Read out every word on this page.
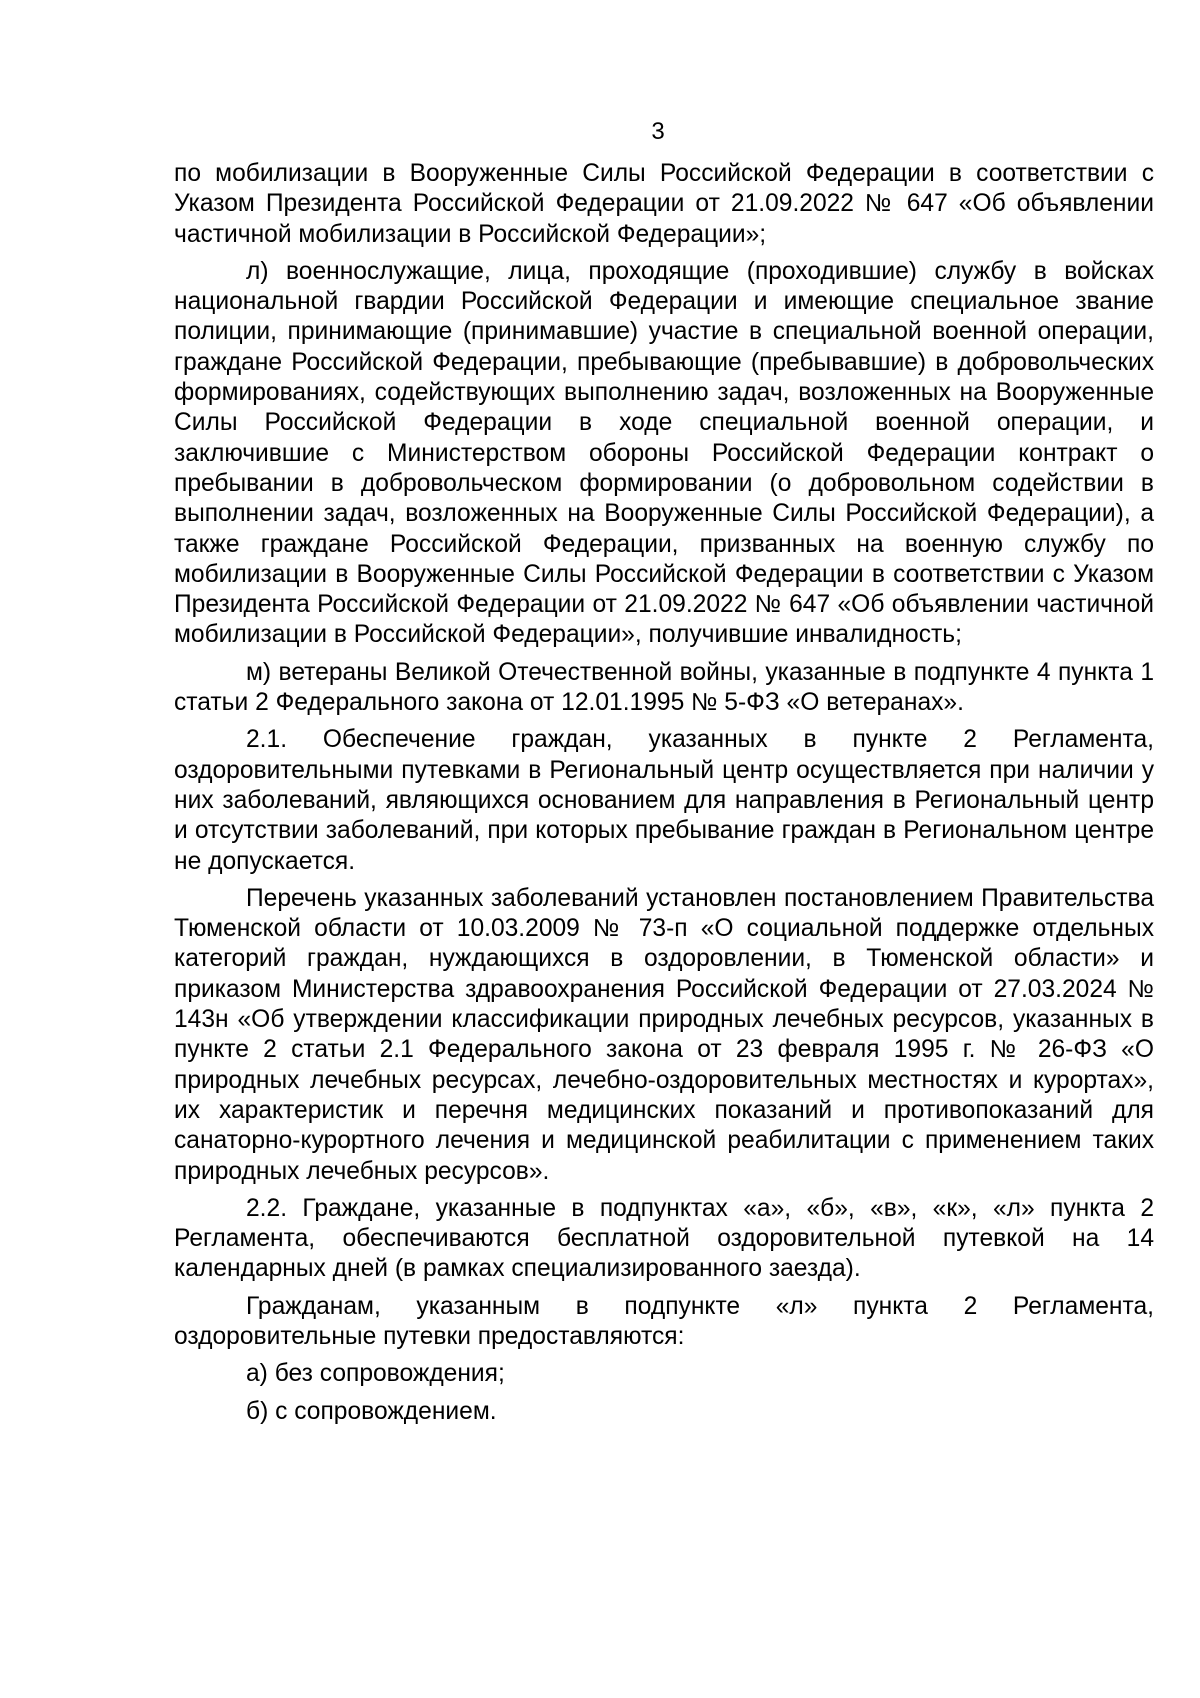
3

по мобилизации в Вооруженные Силы Российской Федерации в соответствии с Указом Президента Российской Федерации от 21.09.2022 № 647 «Об объявлении частичной мобилизации в Российской Федерации»;

л) военнослужащие, лица, проходящие (проходившие) службу в войсках национальной гвардии Российской Федерации и имеющие специальное звание полиции, принимающие (принимавшие) участие в специальной военной операции, граждане Российской Федерации, пребывающие (пребывавшие) в добровольческих формированиях, содействующих выполнению задач, возложенных на Вооруженные Силы Российской Федерации в ходе специальной военной операции, и заключившие с Министерством обороны Российской Федерации контракт о пребывании в добровольческом формировании (о добровольном содействии в выполнении задач, возложенных на Вооруженные Силы Российской Федерации), а также граждане Российской Федерации, призванных на военную службу по мобилизации в Вооруженные Силы Российской Федерации в соответствии с Указом Президента Российской Федерации от 21.09.2022 № 647 «Об объявлении частичной мобилизации в Российской Федерации», получившие инвалидность;

м) ветераны Великой Отечественной войны, указанные в подпункте 4 пункта 1 статьи 2 Федерального закона от 12.01.1995 № 5-ФЗ «О ветеранах».

2.1. Обеспечение граждан, указанных в пункте 2 Регламента, оздоровительными путевками в Региональный центр осуществляется при наличии у них заболеваний, являющихся основанием для направления в Региональный центр и отсутствии заболеваний, при которых пребывание граждан в Региональном центре не допускается.

Перечень указанных заболеваний установлен постановлением Правительства Тюменской области от 10.03.2009 № 73-п «О социальной поддержке отдельных категорий граждан, нуждающихся в оздоровлении, в Тюменской области» и приказом Министерства здравоохранения Российской Федерации от 27.03.2024 № 143н «Об утверждении классификации природных лечебных ресурсов, указанных в пункте 2 статьи 2.1 Федерального закона от 23 февраля 1995 г. № 26-ФЗ «О природных лечебных ресурсах, лечебно-оздоровительных местностях и курортах», их характеристик и перечня медицинских показаний и противопоказаний для санаторно-курортного лечения и медицинской реабилитации с применением таких природных лечебных ресурсов».

2.2. Граждане, указанные в подпунктах «а», «б», «в», «к», «л» пункта 2 Регламента, обеспечиваются бесплатной оздоровительной путевкой на 14 календарных дней (в рамках специализированного заезда).

Гражданам, указанным в подпункте «л» пункта 2 Регламента, оздоровительные путевки предоставляются:

а) без сопровождения;

б) с сопровождением.
